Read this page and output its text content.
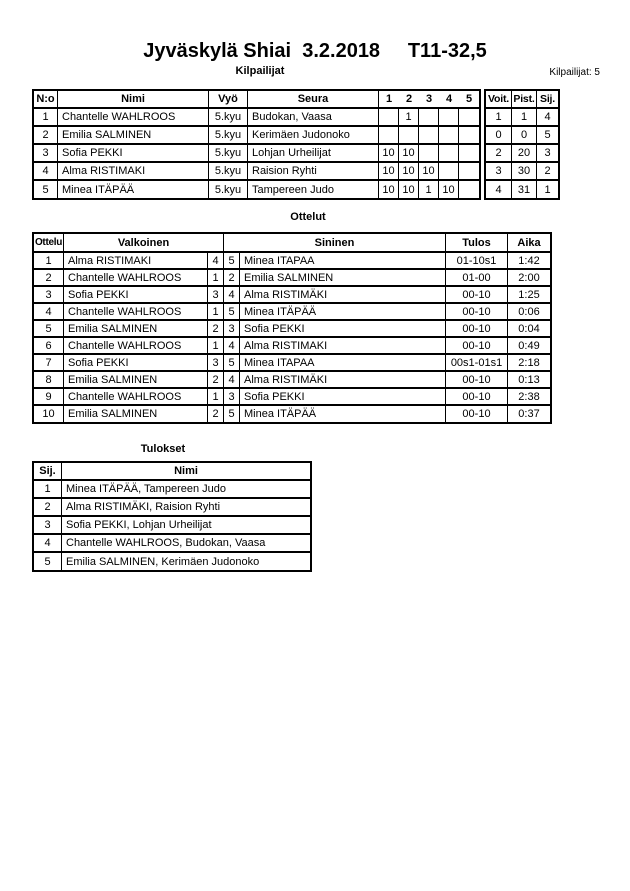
Jyväskylä Shiai  3.2.2018     T11-32,5
Kilpailijat	Kilpailijat: 5
N:o	Nimi	Vyö	Seura	1 2 3 4 5				
1	Chantelle WAHLROOS	5.kyu	Budokan, Vaasa		1			
2	Emilia SALMINEN	5.kyu	Kerimäen Judonoko					
3	Sofia PEKKI	5.kyu	Lohjan Urheilijat	10	10			
4	Alma RISTIMAKI	5.kyu	Raision Ryhti	10	10	10		
5	Minea ITÄPÄÄ	5.kyu	Tampereen Judo	10	10	1	10	
Voit.	Pist.	Sij.
1	1	4
0	0	5
2	20	3
3	30	2
4	31	1
Ottelut
Ottelu	Valkoinen		Sininen		Tulos	Aika
1	Alma RISTIMAKI	4	5	Minea ITAPAA	01-10s1	1:42
2	Chantelle WAHLROOS	1	2	Emilia SALMINEN	01-00	2:00
3	Sofia PEKKI	3	4	Alma RISTIMÄKI	00-10	1:25
4	Chantelle WAHLROOS	1	5	Minea ITÄPÄÄ	00-10	0:06
5	Emilia SALMINEN	2	3	Sofia PEKKI	00-10	0:04
6	Chantelle WAHLROOS	1	4	Alma RISTIMAKI	00-10	0:49
7	Sofia PEKKI	3	5	Minea ITAPAA	00s1-01s1	2:18
8	Emilia SALMINEN	2	4	Alma RISTIMÄKI	00-10	0:13
9	Chantelle WAHLROOS	1	3	Sofia PEKKI	00-10	2:38
10	Emilia SALMINEN	2	5	Minea ITÄPÄÄ	00-10	0:37
Tulokset
Sij.	Nimi
1	Minea ITÄPÄÄ, Tampereen Judo
2	Alma RISTIMÄKI, Raision Ryhti
3	Sofia PEKKI, Lohjan Urheilijat
4	Chantelle WAHLROOS, Budokan, Vaasa
5	Emilia SALMINEN, Kerimäen Judonoko
